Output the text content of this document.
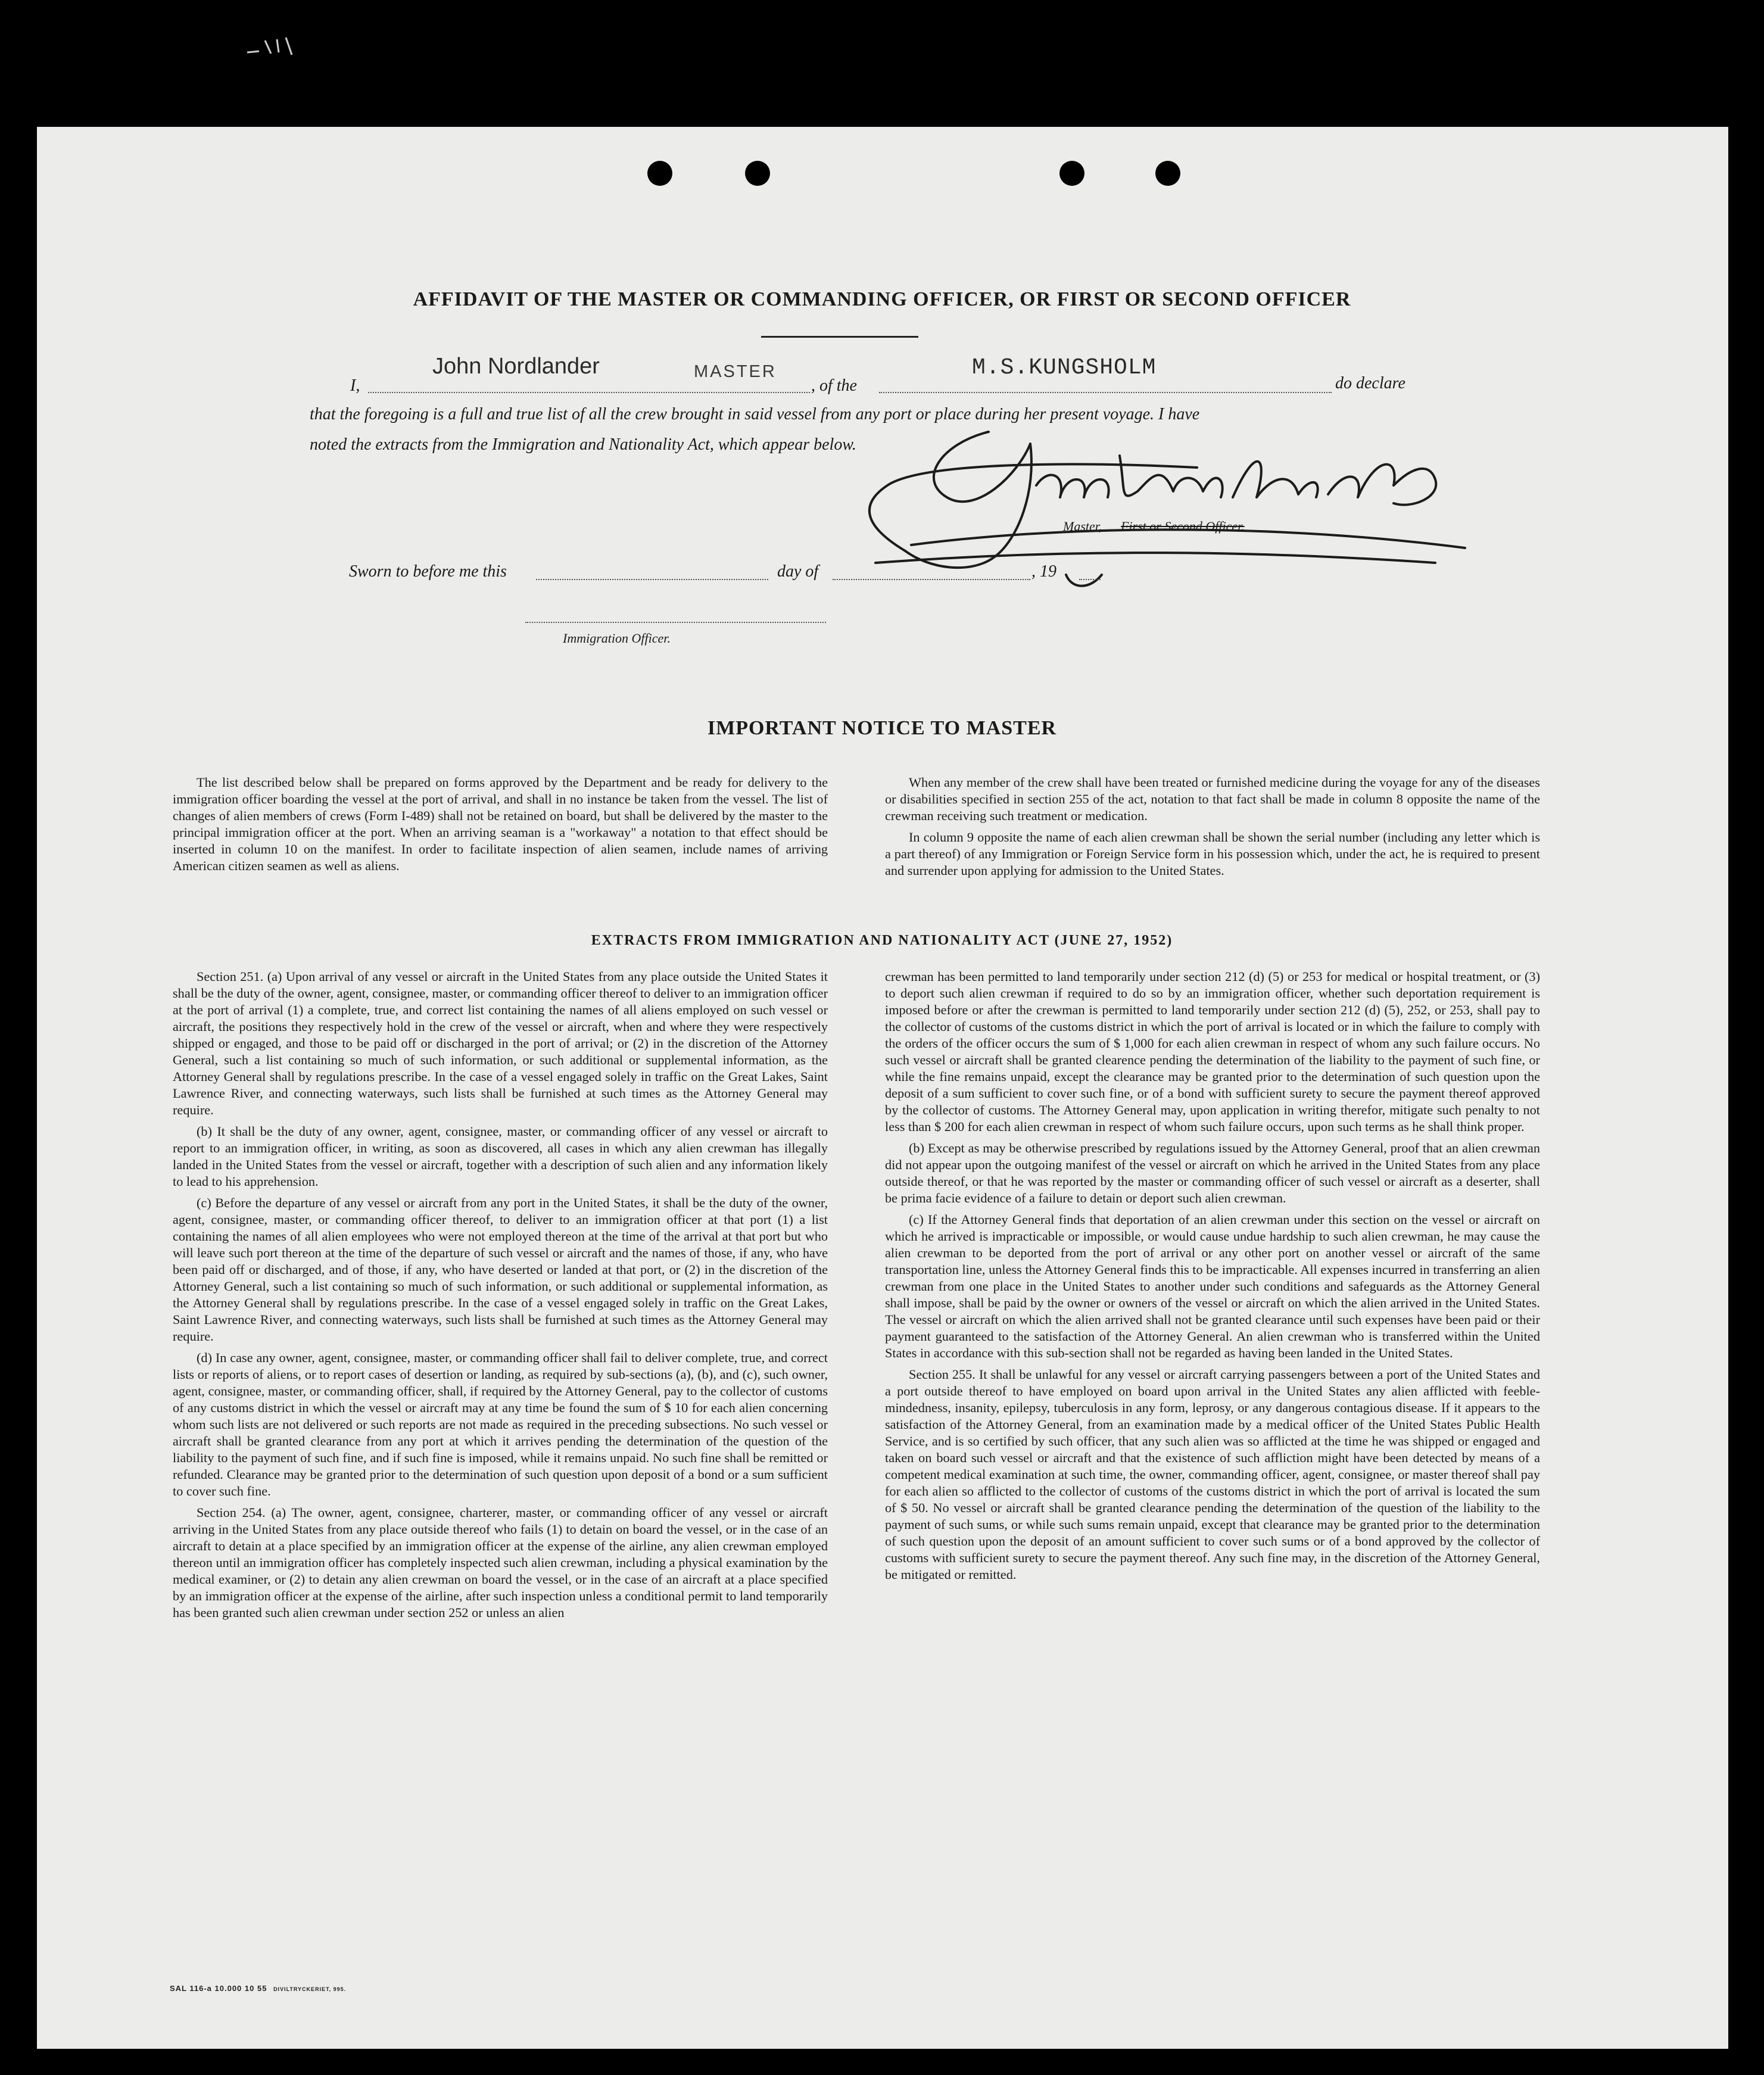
AFFIDAVIT OF THE MASTER OR COMMANDING OFFICER, OR FIRST OR SECOND OFFICER
I,
John Nordlander	MASTER
, of the
M.S.KUNGSHOLM
do declare
that the foregoing is a full and true list of all the crew brought in said vessel from any port or place during her present voyage. I have
noted the extracts from the Immigration and Nationality Act, which appear below.
Master, First or Second Officer.
Sworn to before me this	day of	, 19
Immigration Officer.
IMPORTANT NOTICE TO MASTER

The list described below shall be prepared on forms approved by the Department and be ready for delivery to the immigration officer boarding the vessel at the port of arrival, and shall in no instance be taken from the vessel. The list of changes of alien members of crews (Form I-489) shall not be retained on board, but shall be delivered by the master to the principal immigration officer at the port. When an arriving seaman is a "workaway" a notation to that effect should be inserted in column 10 on the manifest. In order to facilitate inspection of alien seamen, include names of arriving American citizen seamen as well as aliens.

When any member of the crew shall have been treated or furnished medicine during the voyage for any of the diseases or disabilities specified in section 255 of the act, notation to that fact shall be made in column 8 opposite the name of the crewman receiving such treatment or medication.

In column 9 opposite the name of each alien crewman shall be shown the serial number (including any letter which is a part thereof) of any Immigration or Foreign Service form in his possession which, under the act, he is required to present and surrender upon applying for admission to the United States.

EXTRACTS FROM IMMIGRATION AND NATIONALITY ACT (JUNE 27, 1952)

Section 251. (a) Upon arrival of any vessel or aircraft in the United States from any place outside the United States it shall be the duty of the owner, agent, consignee, master, or commanding officer thereof to deliver to an immigration officer at the port of arrival (1) a complete, true, and correct list containing the names of all aliens employed on such vessel or aircraft, the positions they respectively hold in the crew of the vessel or aircraft, when and where they were respectively shipped or engaged, and those to be paid off or discharged in the port of arrival; or (2) in the discretion of the Attorney General, such a list containing so much of such information, or such additional or supplemental information, as the Attorney General shall by regulations prescribe. In the case of a vessel engaged solely in traffic on the Great Lakes, Saint Lawrence River, and connecting waterways, such lists shall be furnished at such times as the Attorney General may require.

(b) It shall be the duty of any owner, agent, consignee, master, or commanding officer of any vessel or aircraft to report to an immigration officer, in writing, as soon as discovered, all cases in which any alien crewman has illegally landed in the United States from the vessel or aircraft, together with a description of such alien and any information likely to lead to his apprehension.

(c) Before the departure of any vessel or aircraft from any port in the United States, it shall be the duty of the owner, agent, consignee, master, or commanding officer thereof, to deliver to an immigration officer at that port (1) a list containing the names of all alien employees who were not employed thereon at the time of the arrival at that port but who will leave such port thereon at the time of the departure of such vessel or aircraft and the names of those, if any, who have been paid off or discharged, and of those, if any, who have deserted or landed at that port, or (2) in the discretion of the Attorney General, such a list containing so much of such information, or such additional or supplemental information, as the Attorney General shall by regulations prescribe. In the case of a vessel engaged solely in traffic on the Great Lakes, Saint Lawrence River, and connecting waterways, such lists shall be furnished at such times as the Attorney General may require.

(d) In case any owner, agent, consignee, master, or commanding officer shall fail to deliver complete, true, and correct lists or reports of aliens, or to report cases of desertion or landing, as required by sub-sections (a), (b), and (c), such owner, agent, consignee, master, or commanding officer, shall, if required by the Attorney General, pay to the collector of customs of any customs district in which the vessel or aircraft may at any time be found the sum of $ 10 for each alien concerning whom such lists are not delivered or such reports are not made as required in the preceding subsections. No such vessel or aircraft shall be granted clearance from any port at which it arrives pending the determination of the question of the liability to the payment of such fine, and if such fine is imposed, while it remains unpaid. No such fine shall be remitted or refunded. Clearance may be granted prior to the determination of such question upon deposit of a bond or a sum sufficient to cover such fine.

Section 254. (a) The owner, agent, consignee, charterer, master, or commanding officer of any vessel or aircraft arriving in the United States from any place outside thereof who fails (1) to detain on board the vessel, or in the case of an aircraft to detain at a place specified by an immigration officer at the expense of the airline, any alien crewman employed thereon until an immigration officer has completely inspected such alien crewman, including a physical examination by the medical examiner, or (2) to detain any alien crewman on board the vessel, or in the case of an aircraft at a place specified by an immigration officer at the expense of the airline, after such inspection unless a conditional permit to land temporarily has been granted such alien crewman under section 252 or unless an alien

crewman has been permitted to land temporarily under section 212 (d) (5) or 253 for medical or hospital treatment, or (3) to deport such alien crewman if required to do so by an immigration officer, whether such deportation requirement is imposed before or after the crewman is permitted to land temporarily under section 212 (d) (5), 252, or 253, shall pay to the collector of customs of the customs district in which the port of arrival is located or in which the failure to comply with the orders of the officer occurs the sum of $ 1,000 for each alien crewman in respect of whom any such failure occurs. No such vessel or aircraft shall be granted clearence pending the determination of the liability to the payment of such fine, or while the fine remains unpaid, except the clearance may be granted prior to the determination of such question upon the deposit of a sum sufficient to cover such fine, or of a bond with sufficient surety to secure the payment thereof approved by the collector of customs. The Attorney General may, upon application in writing therefor, mitigate such penalty to not less than $ 200 for each alien crewman in respect of whom such failure occurs, upon such terms as he shall think proper.

(b) Except as may be otherwise prescribed by regulations issued by the Attorney General, proof that an alien crewman did not appear upon the outgoing manifest of the vessel or aircraft on which he arrived in the United States from any place outside thereof, or that he was reported by the master or commanding officer of such vessel or aircraft as a deserter, shall be prima facie evidence of a failure to detain or deport such alien crewman.

(c) If the Attorney General finds that deportation of an alien crewman under this section on the vessel or aircraft on which he arrived is impracticable or impossible, or would cause undue hardship to such alien crewman, he may cause the alien crewman to be deported from the port of arrival or any other port on another vessel or aircraft of the same transportation line, unless the Attorney General finds this to be impracticable. All expenses incurred in transferring an alien crewman from one place in the United States to another under such conditions and safeguards as the Attorney General shall impose, shall be paid by the owner or owners of the vessel or aircraft on which the alien arrived in the United States. The vessel or aircraft on which the alien arrived shall not be granted clearance until such expenses have been paid or their payment guaranteed to the satisfaction of the Attorney General. An alien crewman who is transferred within the United States in accordance with this sub-section shall not be regarded as having been landed in the United States.

Section 255. It shall be unlawful for any vessel or aircraft carrying passengers between a port of the United States and a port outside thereof to have employed on board upon arrival in the United States any alien afflicted with feeble-mindedness, insanity, epilepsy, tuberculosis in any form, leprosy, or any dangerous contagious disease. If it appears to the satisfaction of the Attorney General, from an examination made by a medical officer of the United States Public Health Service, and is so certified by such officer, that any such alien was so afflicted at the time he was shipped or engaged and taken on board such vessel or aircraft and that the existence of such affliction might have been detected by means of a competent medical examination at such time, the owner, commanding officer, agent, consignee, or master thereof shall pay for each alien so afflicted to the collector of customs of the customs district in which the port of arrival is located the sum of $ 50. No vessel or aircraft shall be granted clearance pending the determination of the question of the liability to the payment of such sums, or while such sums remain unpaid, except that clearance may be granted prior to the determination of such question upon the deposit of an amount sufficient to cover such sums or of a bond approved by the collector of customs with sufficient surety to secure the payment thereof. Any such fine may, in the discretion of the Attorney General, be mitigated or remitted.

SAL 116-a 10.000 10 55 DIVILTRYCKERIET, 995.
